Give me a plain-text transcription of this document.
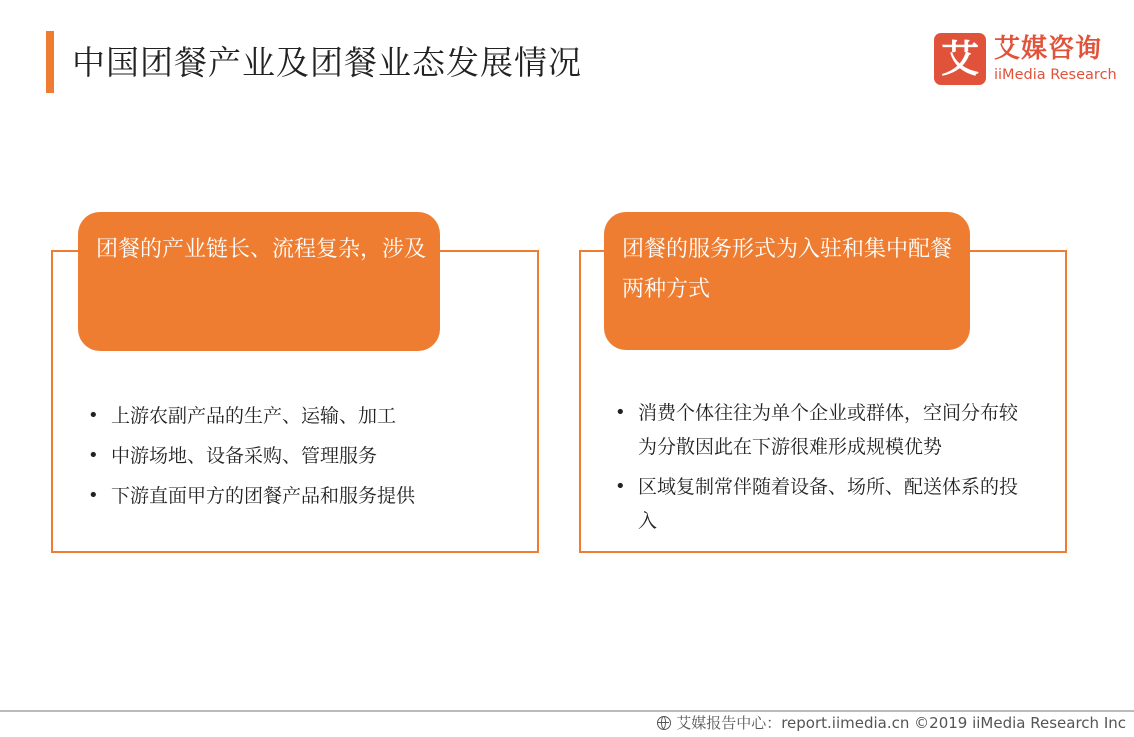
中国团餐产业及团餐业态发展情况	艾 艾媒咨询
iiMedia Research
团餐的产业链长、流程复杂，涉及
• 上游农副产品的生产、运输、加工
• 中游场地、设备采购、管理服务
• 下游直面甲方的团餐产品和服务提供
团餐的服务形式为入驻和集中配餐两种方式
• 消费个体往往为单个企业或群体，空间分布较为分散因此在下游很难形成规模优势
• 区域复制常伴随着设备、场所、配送体系的投入
艾媒报告中心：report.iimedia.cn ©2019 iiMedia Research Inc
